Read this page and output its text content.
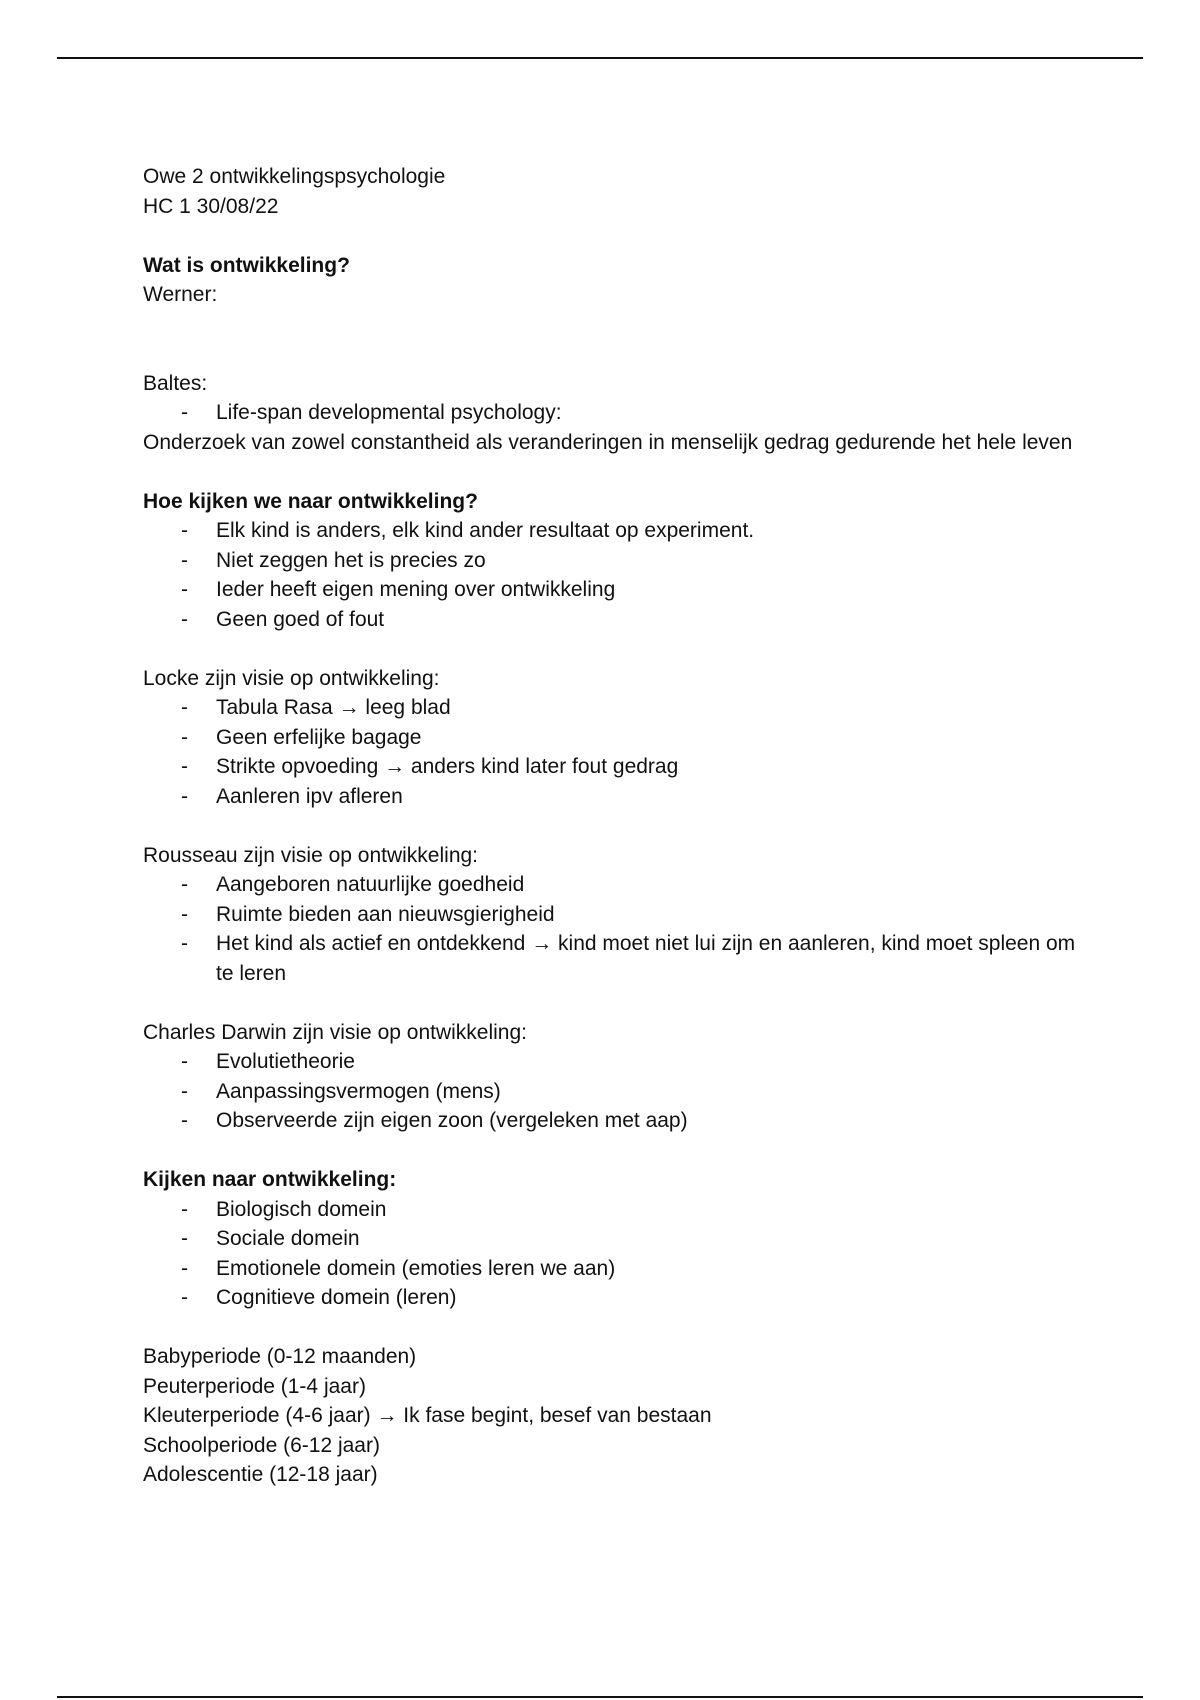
Owe 2 ontwikkelingspsychologie

HC 1 30/08/22

Wat is ontwikkeling?

Werner:

Baltes:

- Life-span developmental psychology:

Onderzoek van zowel constantheid als veranderingen in menselijk gedrag gedurende het hele leven

Hoe kijken we naar ontwikkeling?

- Elk kind is anders, elk kind ander resultaat op experiment.
- Niet zeggen het is precies zo
- Ieder heeft eigen mening over ontwikkeling
- Geen goed of fout

Locke zijn visie op ontwikkeling:

- Tabula Rasa → leeg blad
- Geen erfelijke bagage
- Strikte opvoeding → anders kind later fout gedrag
- Aanleren ipv afleren

Rousseau zijn visie op ontwikkeling:

- Aangeboren natuurlijke goedheid
- Ruimte bieden aan nieuwsgierigheid
- Het kind als actief en ontdekkend → kind moet niet lui zijn en aanleren, kind moet spleen om te leren

Charles Darwin zijn visie op ontwikkeling:

- Evolutietheorie
- Aanpassingsvermogen (mens)
- Observeerde zijn eigen zoon (vergeleken met aap)

Kijken naar ontwikkeling:

- Biologisch domein
- Sociale domein
- Emotionele domein (emoties leren we aan)
- Cognitieve domein (leren)

Babyperiode (0-12 maanden)

Peuterperiode (1-4 jaar)

Kleuterperiode (4-6 jaar) → Ik fase begint, besef van bestaan

Schoolperiode (6-12 jaar)

Adolescentie (12-18 jaar)
